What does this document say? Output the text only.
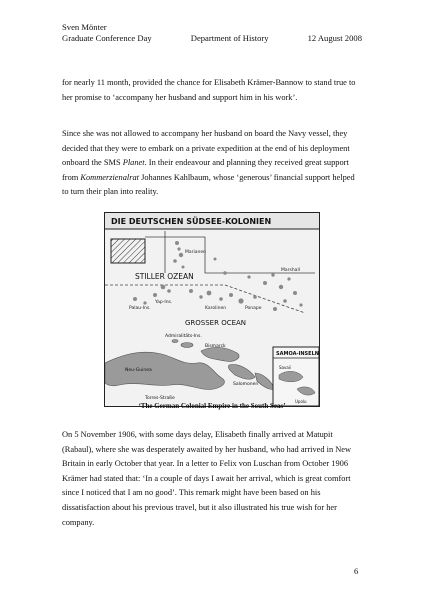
Sven Mönter
Graduate Conference Day	Department of History	12 August 2008

for nearly 11 month, provided the chance for Elisabeth Krämer-Bannow to stand true to her promise to ‘accompany her husband and support him in his work’.

Since she was not allowed to accompany her husband on board the Navy vessel, they decided that they were to embark on a private expedition at the end of his deployment onboard the SMS Planet. In their endeavour and planning they received great support from Kommerzienalrat Johannes Kahlbaum, whose ‘generous’ financial support helped to turn their plan into reality.

DIE DEUTSCHEN SÜDSEE-KOLONIEN
STILLER OZEAN
GROSSER OCEAN
Marianen
Karolinen
Marshall
Palau-Ins.
Yap-Ins.
Ponape
Admiralitäts-Ins.
Bismarck
Neu-Guinea
Torres-Straße
Salomonen
SAMOA-INSELN
Savaii
Upolu
‘The German Colonial Empire in the South Seas’

On 5 November 1906, with some days delay, Elisabeth finally arrived at Matupit (Rabaul), where she was desperately awaited by her husband, who had arrived in New Britain in early October that year. In a letter to Felix von Luschan from October 1906 Krämer had stated that: ‘In a couple of days I await her arrival, which is great comfort since I noticed that I am no good’. This remark might have been based on his dissatisfaction about his previous travel, but it also illustrated his true wish for her company.

6
